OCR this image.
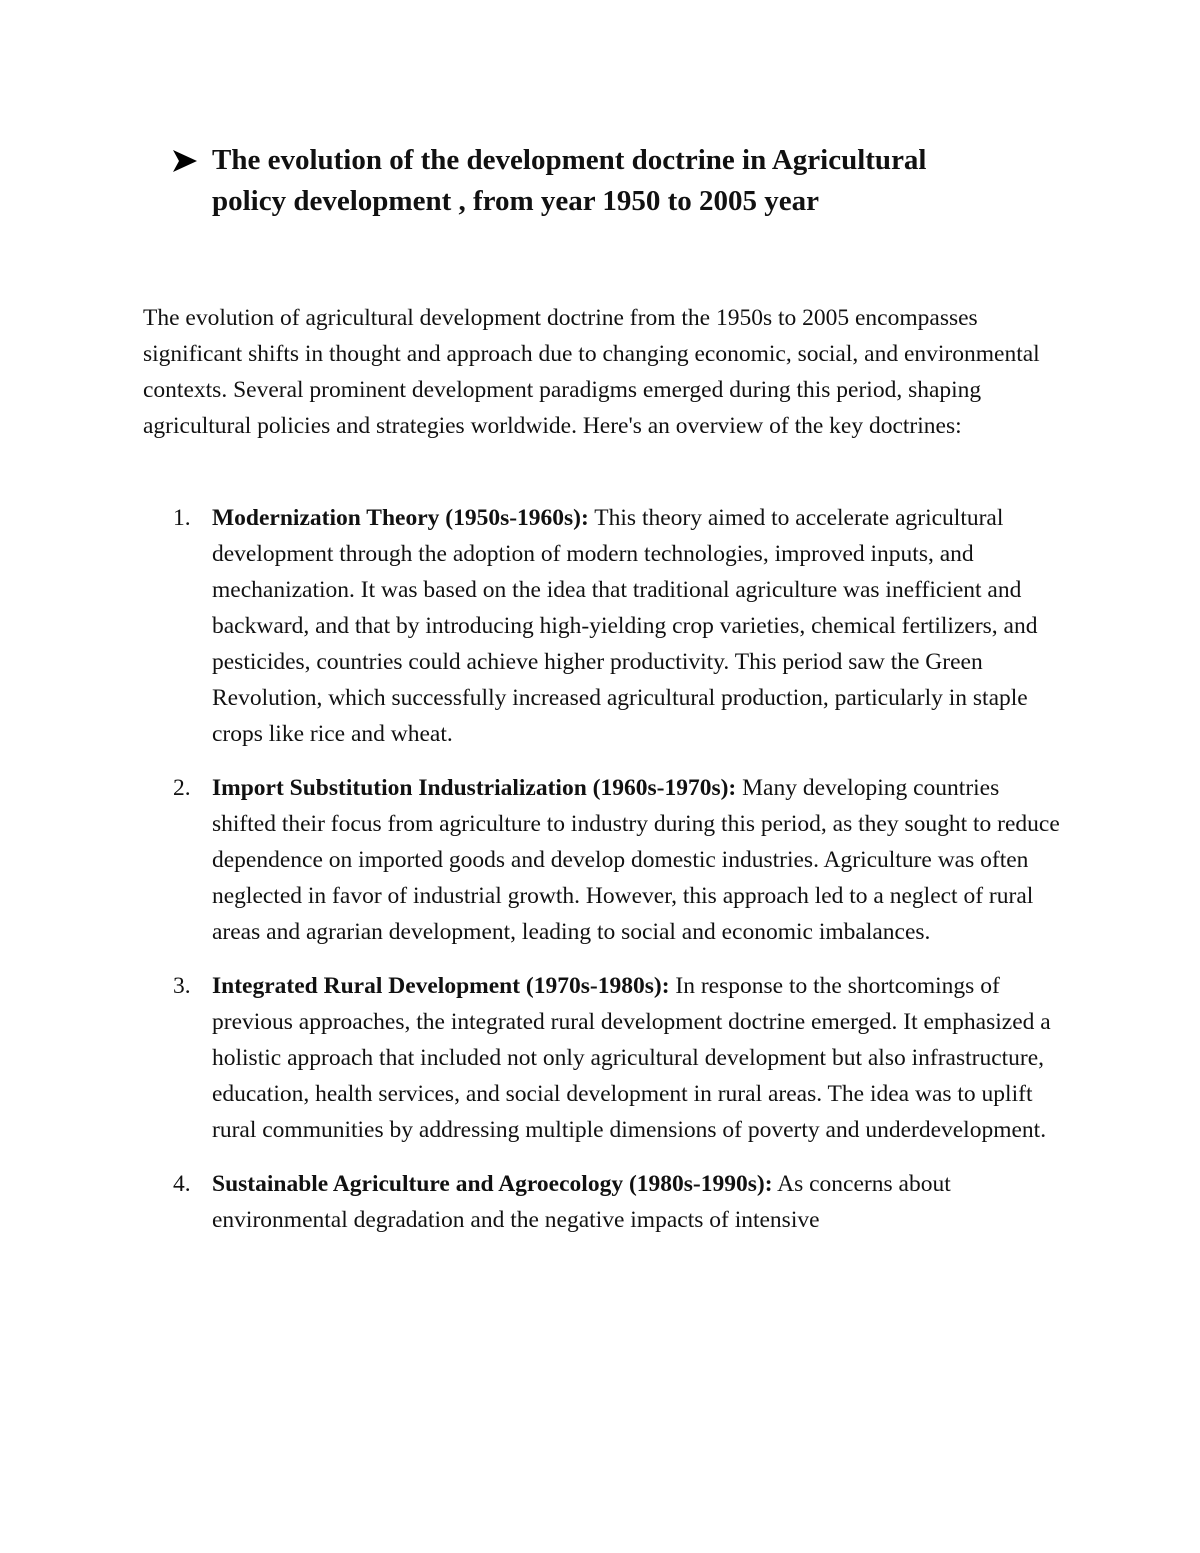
The evolution of the development doctrine in Agricultural
policy development , from year 1950 to 2005 year

The evolution of agricultural development doctrine from the 1950s to 2005 encompasses significant shifts in thought and approach due to changing economic, social, and environmental contexts. Several prominent development paradigms emerged during this period, shaping agricultural policies and strategies worldwide. Here's an overview of the key doctrines:

1. Modernization Theory (1950s-1960s): This theory aimed to accelerate agricultural development through the adoption of modern technologies, improved inputs, and mechanization. It was based on the idea that traditional agriculture was inefficient and backward, and that by introducing high-yielding crop varieties, chemical fertilizers, and pesticides, countries could achieve higher productivity. This period saw the Green Revolution, which successfully increased agricultural production, particularly in staple crops like rice and wheat.
2. Import Substitution Industrialization (1960s-1970s): Many developing countries shifted their focus from agriculture to industry during this period, as they sought to reduce dependence on imported goods and develop domestic industries. Agriculture was often neglected in favor of industrial growth. However, this approach led to a neglect of rural areas and agrarian development, leading to social and economic imbalances.
3. Integrated Rural Development (1970s-1980s): In response to the shortcomings of previous approaches, the integrated rural development doctrine emerged. It emphasized a holistic approach that included not only agricultural development but also infrastructure, education, health services, and social development in rural areas. The idea was to uplift rural communities by addressing multiple dimensions of poverty and underdevelopment.
4. Sustainable Agriculture and Agroecology (1980s-1990s): As concerns about environmental degradation and the negative impacts of intensive
